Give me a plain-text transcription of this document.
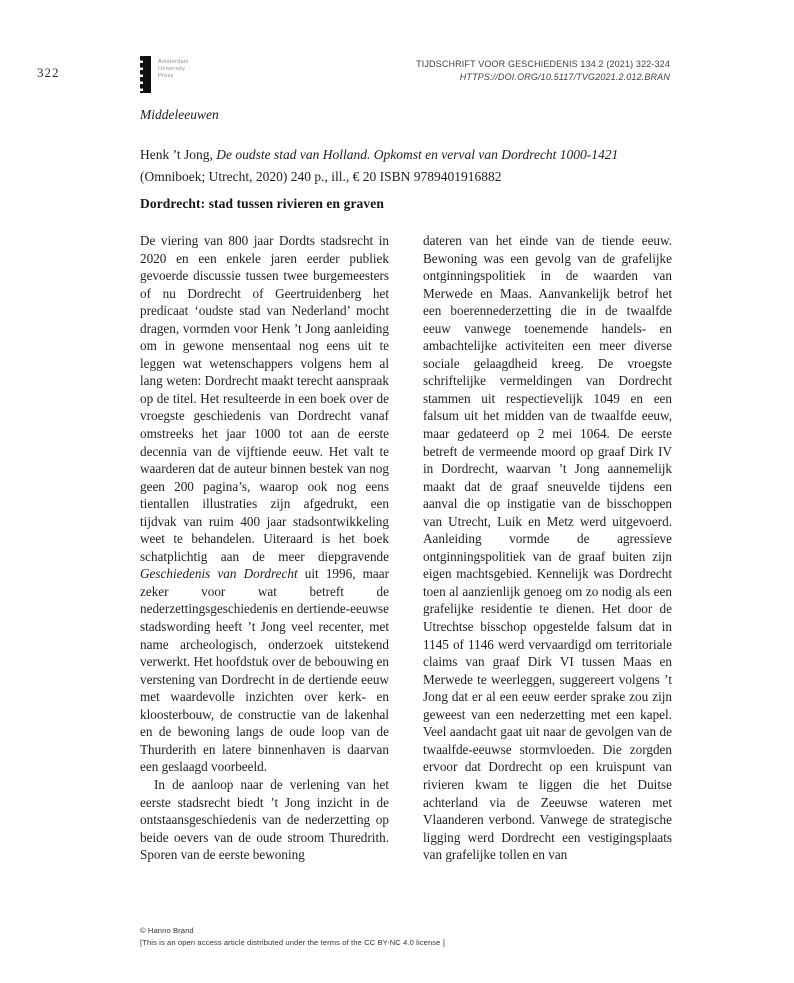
322
Amsterdam
University
Press
TIJDSCHRIFT VOOR GESCHIEDENIS 134.2 (2021) 322-324
HTTPS://DOI.ORG/10.5117/TVG2021.2.012.BRAN
Middeleeuwen
Henk ’t Jong, De oudste stad van Holland. Opkomst en verval van Dordrecht 1000-1421 (Omniboek; Utrecht, 2020) 240 p., ill., € 20 ISBN 9789401916882
Dordrecht: stad tussen rivieren en graven

De viering van 800 jaar Dordts stadsrecht in 2020 en een enkele jaren eerder publiek gevoerde discussie tussen twee burgemeesters of nu Dordrecht of Geertruidenberg het predicaat ‘oudste stad van Nederland’ mocht dragen, vormden voor Henk ’t Jong aanleiding om in gewone mensentaal nog eens uit te leggen wat wetenschappers volgens hem al lang weten: Dordrecht maakt terecht aanspraak op de titel. Het resulteerde in een boek over de vroegste geschiedenis van Dordrecht vanaf omstreeks het jaar 1000 tot aan de eerste decennia van de vijftiende eeuw. Het valt te waarderen dat de auteur binnen bestek van nog geen 200 pagina’s, waarop ook nog eens tientallen illustraties zijn afgedrukt, een tijdvak van ruim 400 jaar stadsontwikkeling weet te behandelen. Uiteraard is het boek schatplichtig aan de meer diepgravende Geschiedenis van Dordrecht uit 1996, maar zeker voor wat betreft de nederzettingsgeschiedenis en dertiende-eeuwse stadswording heeft ’t Jong veel recenter, met name archeologisch, onderzoek uitstekend verwerkt. Het hoofdstuk over de bebouwing en verstening van Dordrecht in de dertiende eeuw met waardevolle inzichten over kerk- en kloosterbouw, de constructie van de lakenhal en de bewoning langs de oude loop van de Thurderith en latere binnenhaven is daarvan een geslaagd voorbeeld.

In de aanloop naar de verlening van het eerste stadsrecht biedt ’t Jong inzicht in de ontstaansgeschiedenis van de nederzetting op beide oevers van de oude stroom Thuredrith. Sporen van de eerste bewoning

dateren van het einde van de tiende eeuw. Bewoning was een gevolg van de grafelijke ontginningspolitiek in de waarden van Merwede en Maas. Aanvankelijk betrof het een boerennederzetting die in de twaalfde eeuw vanwege toenemende handels- en ambachtelijke activiteiten een meer diverse sociale gelaagdheid kreeg. De vroegste schriftelijke vermeldingen van Dordrecht stammen uit respectievelijk 1049 en een falsum uit het midden van de twaalfde eeuw, maar gedateerd op 2 mei 1064. De eerste betreft de vermeende moord op graaf Dirk IV in Dordrecht, waarvan ’t Jong aannemelijk maakt dat de graaf sneuvelde tijdens een aanval die op instigatie van de bisschoppen van Utrecht, Luik en Metz werd uitgevoerd. Aanleiding vormde de agressieve ontginningspolitiek van de graaf buiten zijn eigen machtsgebied. Kennelijk was Dordrecht toen al aanzienlijk genoeg om zo nodig als een grafelijke residentie te dienen. Het door de Utrechtse bisschop opgestelde falsum dat in 1145 of 1146 werd vervaardigd om territoriale claims van graaf Dirk VI tussen Maas en Merwede te weerleggen, suggereert volgens ’t Jong dat er al een eeuw eerder sprake zou zijn geweest van een nederzetting met een kapel. Veel aandacht gaat uit naar de gevolgen van de twaalfde-eeuwse stormvloeden. Die zorgden ervoor dat Dordrecht op een kruispunt van rivieren kwam te liggen die het Duitse achterland via de Zeeuwse wateren met Vlaanderen verbond. Vanwege de strategische ligging werd Dordrecht een vestigingsplaats van grafelijke tollen en van

© Hanno Brand
[This is an open access article distributed under the terms of the CC BY-NC 4.0 license ]
